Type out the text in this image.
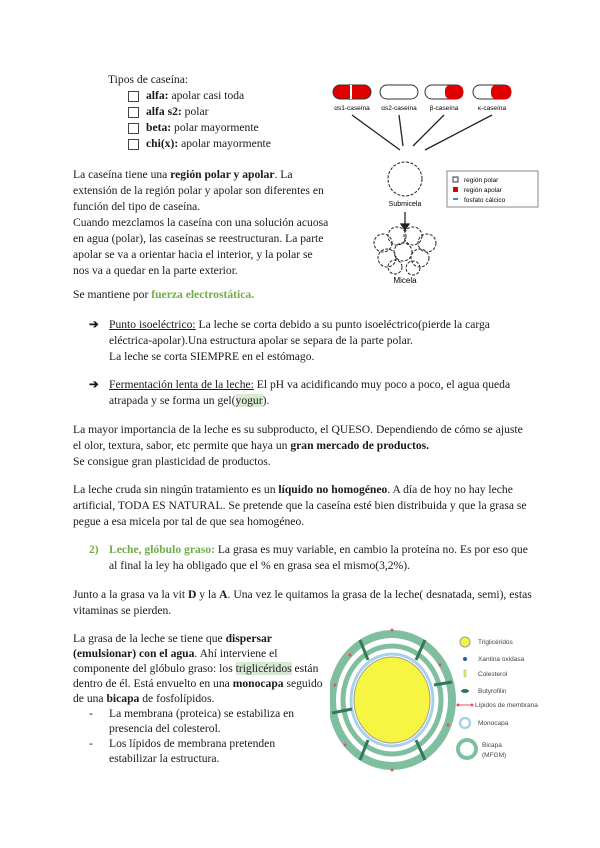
Tipos de caseína:
alfa: apolar casi toda
alfa s2: polar
beta: polar mayormente
chi(x): apolar mayormente
La caseína tiene una región polar y apolar. La extensión de la región polar y apolar son diferentes en función del tipo de caseína.
Cuando mezclamos la caseína con una solución acuosa en agua (polar), las caseínas se reestructuran. La parte apolar se va a orientar hacia el interior, y la polar se nos va a quedar en la parte exterior.
αs1-caseína αs2-caseína β-caseína	κ-caseína
Submicela
Micela
región polar
región apolar
fosfato cálcico
Se mantiene por fuerza electrostática.
➔ Punto isoeléctrico: La leche se corta debido a su punto isoeléctrico(pierde la carga eléctrica-apolar).Una estructura apolar se separa de la parte polar.
La leche se corta SIEMPRE en el estómago.
➔ Fermentación lenta de la leche: El pH va acidificando muy poco a poco, el agua queda atrapada y se forma un gel(yogur).
La mayor importancia de la leche es su subproducto, el QUESO. Dependiendo de cómo se ajuste el olor, textura, sabor, etc permite que haya un gran mercado de productos.
Se consigue gran plasticidad de productos.
La leche cruda sin ningún tratamiento es un líquido no homogéneo. A día de hoy no hay leche artificial, TODA ES NATURAL. Se pretende que la caseína esté bien distribuida y que la grasa se pegue a esa micela por tal de que sea homogéneo.
2) Leche, glóbulo graso: La grasa es muy variable, en cambio la proteína no. Es por eso que al final la ley ha obligado que el % en grasa sea el mismo(3,2%).
Junto a la grasa va la vit D y la A. Una vez le quitamos la grasa de la leche( desnatada, semi), estas vitaminas se pierden.
La grasa de la leche se tiene que dispersar (emulsionar) con el agua. Ahí interviene el componente del glóbulo graso: los triglicéridos están dentro de él. Está envuelto en una monocapa seguido de una bicapa de fosfolípidos.
- La membrana (proteica) se estabiliza en presencia del colesterol.
- Los lípidos de membrana pretenden estabilizar la estructura.
Triglicéridos
Xantina oxidasa
Colesterol
Butyrofilin
Lípidos de membrana
Monocapa
Bicapa
(MFGM)
